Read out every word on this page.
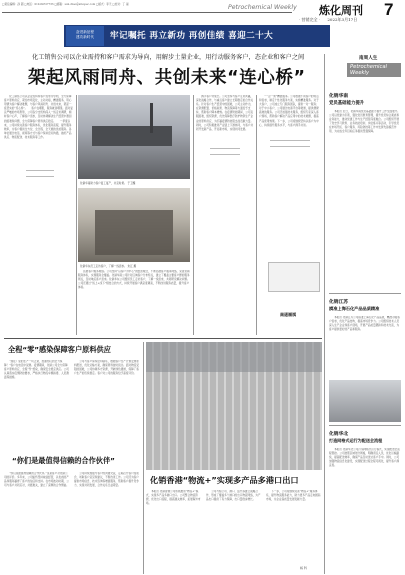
□责任编辑：孙 超 □电话：010-64727733 □邮箱：sun.chao@sinopec.com □版式：李天 □校对：丁 丽	Petrochemical Weekly 炼化周刊 7
· 营销完全 · 2022年3月17日
奋进新征程
建功新时代	牢记嘱托 再立新功 再创佳绩 喜迎二十大
化工销售公司以企业需持和客户需求为导向，用解步土量企业，用行动服务客户，态企业和客户之间
架起风雨同舟、共创未来“连心桥”
南周人生
Petrochemical Weekly
　　化工销售公司以企业需持和客户需求为导向，全力保障客户原料供应，紧扣市场变化，主动对接，精准服务，用心用情为客户解决难题，与客户风雨同舟、共创未来，架起一座坚实的“连心桥”。　　客户在哪里，服务就到哪里。面对复杂严峻的市场形势，公司各分支机构深入一线走访调研，倾听客户心声，了解客户需求，及时协调解决生产经营中遇到的困难和问题，全力保障客户原料供应稳定。　　一季度以来，公司持续完善客户服务体系，优化服务流程，提升服务效率，为客户提供全方位、全过程、全天候的优质服务。各单位通过电话、视频等方式与客户保持密切沟通，做好产品供应、物流配送、技术服务等工作。
化销华南助力客户复工复产，共克时艰。 于卫摄
化销华东员工走访客户，了解一线需求。 朱江 摄
　　拓展客户服务网络。公司坚持“以客户为中心”的经营理念，不断拓展客户服务网络，完善营销服务体系，实现服务全覆盖。化销华南公司针对区域客户分布特点，建立了覆盖主要客户群的服务网点，及时响应客户需求。化销华东公司组织员工走访客户，了解一线需求，共同研究解决问题。公司还通过“线上+线下”相结合的方式，持续开展客户满意度调查，不断改进服务质量，提升客户体验。
　　携手客户共成长。公司坚持与客户互利共赢，深化战略合作，与重点客户建立长期稳定的合作关系。针对客户生产经营中的困难，公司主动作为，在资源配置、价格政策、物流保障等方面给予支持，帮助客户降本增效。在疫情防控期间，公司克服困难，组织资源，优先保障医疗防护物资生产企业的原料供应，为打赢疫情防控阻击战贡献力量。同时，公司积极推进产业链上下游协同，与客户共同开发新产品、开拓新市场，实现共同发展。
　　“一企一策”精准服务。公司根据不同客户的特点和需求，制定个性化服务方案，实施精准服务。对于大客户，公司成立专门服务团队，提供一对一服务；对于中小客户，公司通过电商平台等渠道，提供便捷高效的服务。公司还加强技术服务，组织专家深入客户现场，帮助客户解决产品应用中的技术难题，提高产品使用效果。下一步，公司将继续坚持以客户为中心，持续提升服务水平，与客户携手共进。
南道福祺
化销华南
党员基础能力提升
　　本报讯 近日，化销华南党员基础能力提升工作全面展开。公司以党建为引领，强化党员教育管理，提升党员综合素质和业务能力，推动党建工作与生产经营深度融合。公司组织开展了党史学习教育、业务技能培训、岗位练兵等活动，引导党员在市场开拓、客户服务、风险防控等工作中发挥先锋模范作用，为完成全年目标任务提供坚强保障。
化销江苏
摸准上海石化产品品质精准
　　本报讯 化销江苏公司摸准上海石化产品品质，精准对接客户需求，优化产品结构，提高市场竞争力。公司组织技术人员深入生产企业和客户现场，开展产品质量跟踪和技术交流，为客户提供更好的产品和服务。
化销华北
打造网格式运行为配送全流程
　　本报讯 化销华北公司打造网格式运行模式，实现配送全流程管控。公司按照区域划分网格，明确责任人员，优化运输路线，提高配送效率，确保产品及时送达客户手中。同时，公司加强物流信息化建设，实现配送过程全程可视化，提升客户满意度。
全程“零”感染保障客户原料供应
　　“现在厂里的生产一切正常，感谢你们的全力保障！”客户在电话中说道。疫情期间，化销公司全力保障客户原料供应，全程“零”感染，确保安全稳定供应。公司认真落实疫情防控要求，严格执行物流车辆消毒、人员测温等措施。
　　公司与客户保持密切联系，根据客户生产计划安排原料配送，优化运输方案，确保原料按时到达。面对物流受阻的困难，公司协调多方资源，开辟绿色通道，保障了客户生产的连续稳定。客户对公司的服务给予高度评价。
“你们是最值得信赖的合作伙伴”
　　“你们是最值得信赖的合作伙伴。”这是客户对化销公司的评价。多年来，公司始终坚持诚信经营，以优质的产品和服务赢得了客户的信任和支持。在市场波动时期，公司与客户共同应对，共渡难关，建立了深厚的合作情谊。
　　公司持续加强与客户的沟通交流，定期召开客户座谈会，听取客户意见和建议，不断改进工作。公司还为客户提供市场信息、技术咨询等增值服务，帮助客户提升竞争力，实现共同发展，合作关系日益紧密。
化销香港“物流+”实现多产品多港口出口
　　本报讯 化销香港公司积极推进“物流+”模式，实现多产品多港口出口。公司整合物流资源，优化出口流程，提高通关效率，拓展海外市场。
　　公司与船公司、港口、货代等建立战略合作，形成了覆盖多个港口的出口物流网络，为产品出口提供了有力保障，出口量稳步增长。
　　下一步，公司将继续完善“物流+”服务体系，提升物流服务能力，助力更多产品走向国际市场，为企业高质量发展贡献力量。
杨 科
